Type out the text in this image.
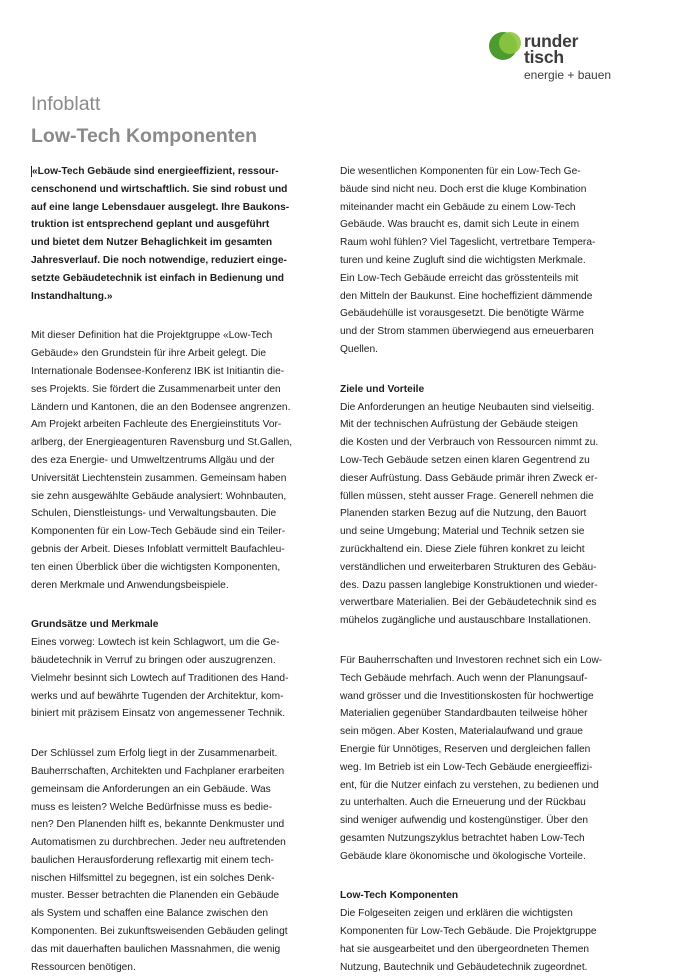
runder
tisch
energie + bauen
Infoblatt
Low-Tech Komponenten

«Low-Tech Gebäude sind energieeffizient, ressour-

censchonend und wirtschaftlich. Sie sind robust und

auf eine lange Lebensdauer ausgelegt. Ihre Baukons-

truktion ist entsprechend geplant und ausgeführt

und bietet dem Nutzer Behaglichkeit im gesamten

Jahresverlauf. Die noch notwendige, reduziert einge-

setzte Gebäudetechnik ist einfach in Bedienung und

Instandhaltung.»

Mit dieser Definition hat die Projektgruppe «Low-Tech

Gebäude» den Grundstein für ihre Arbeit gelegt. Die

Internationale Bodensee-Konferenz IBK ist Initiantin die-

ses Projekts. Sie fördert die Zusammenarbeit unter den

Ländern und Kantonen, die an den Bodensee angrenzen.

Am Projekt arbeiten Fachleute des Energieinstituts Vor-

arlberg, der Energieagenturen Ravensburg und St.Gallen,

des eza Energie- und Umweltzentrums Allgäu und der

Universität Liechtenstein zusammen. Gemeinsam haben

sie zehn ausgewählte Gebäude analysiert: Wohnbauten,

Schulen, Dienstleistungs- und Verwaltungsbauten. Die

Komponenten für ein Low-Tech Gebäude sind ein Teiler-

gebnis der Arbeit. Dieses Infoblatt vermittelt Baufachleu-

ten einen Überblick über die wichtigsten Komponenten,

deren Merkmale und Anwendungsbeispiele.

Grundsätze und Merkmale

Eines vorweg: Lowtech ist kein Schlagwort, um die Ge-

bäudetechnik in Verruf zu bringen oder auszugrenzen.

Vielmehr besinnt sich Lowtech auf Traditionen des Hand-

werks und auf bewährte Tugenden der Architektur, kom-

biniert mit präzisem Einsatz von angemessener Technik.

Der Schlüssel zum Erfolg liegt in der Zusammenarbeit.

Bauherrschaften, Architekten und Fachplaner erarbeiten

gemeinsam die Anforderungen an ein Gebäude. Was

muss es leisten? Welche Bedürfnisse muss es bedie-

nen? Den Planenden hilft es, bekannte Denkmuster und

Automatismen zu durchbrechen. Jeder neu auftretenden

baulichen Herausforderung reflexartig mit einem tech-

nischen Hilfsmittel zu begegnen, ist ein solches Denk-

muster. Besser betrachten die Planenden ein Gebäude

als System und schaffen eine Balance zwischen den

Komponenten. Bei zukunftsweisenden Gebäuden gelingt

das mit dauerhaften baulichen Massnahmen, die wenig

Ressourcen benötigen.

Die wesentlichen Komponenten für ein Low-Tech Ge-

bäude sind nicht neu. Doch erst die kluge Kombination

miteinander macht ein Gebäude zu einem Low-Tech

Gebäude. Was braucht es, damit sich Leute in einem

Raum wohl fühlen? Viel Tageslicht, vertretbare Tempera-

turen und keine Zugluft sind die wichtigsten Merkmale.

Ein Low-Tech Gebäude erreicht das grösstenteils mit

den Mitteln der Baukunst. Eine hocheffizient dämmende

Gebäudehülle ist vorausgesetzt. Die benötigte Wärme

und der Strom stammen überwiegend aus erneuerbaren

Quellen.

Ziele und Vorteile

Die Anforderungen an heutige Neubauten sind vielseitig.

Mit der technischen Aufrüstung der Gebäude steigen

die Kosten und der Verbrauch von Ressourcen nimmt zu.

Low-Tech Gebäude setzen einen klaren Gegentrend zu

dieser Aufrüstung. Dass Gebäude primär ihren Zweck er-

füllen müssen, steht ausser Frage. Generell nehmen die

Planenden starken Bezug auf die Nutzung, den Bauort

und seine Umgebung; Material und Technik setzen sie

zurückhaltend ein. Diese Ziele führen konkret zu leicht

verständlichen und erweiterbaren Strukturen des Gebäu-

des. Dazu passen langlebige Konstruktionen und wieder-

verwertbare Materialien. Bei der Gebäudetechnik sind es

mühelos zugängliche und austauschbare Installationen.

Für Bauherrschaften und Investoren rechnet sich ein Low-

Tech Gebäude mehrfach. Auch wenn der Planungsauf-

wand grösser und die Investitionskosten für hochwertige

Materialien gegenüber Standardbauten teilweise höher

sein mögen. Aber Kosten, Materialaufwand und graue

Energie für Unnötiges, Reserven und dergleichen fallen

weg. Im Betrieb ist ein Low-Tech Gebäude energieeffizi-

ent, für die Nutzer einfach zu verstehen, zu bedienen und

zu unterhalten. Auch die Erneuerung und der Rückbau

sind weniger aufwendig und kostengünstiger. Über den

gesamten Nutzungszyklus betrachtet haben Low-Tech

Gebäude klare ökonomische und ökologische Vorteile.

Low-Tech Komponenten

Die Folgeseiten zeigen und erklären die wichtigsten

Komponenten für Low-Tech Gebäude. Die Projektgruppe

hat sie ausgearbeitet und den übergeordneten Themen

Nutzung, Bautechnik und Gebäudetechnik zugeordnet.
